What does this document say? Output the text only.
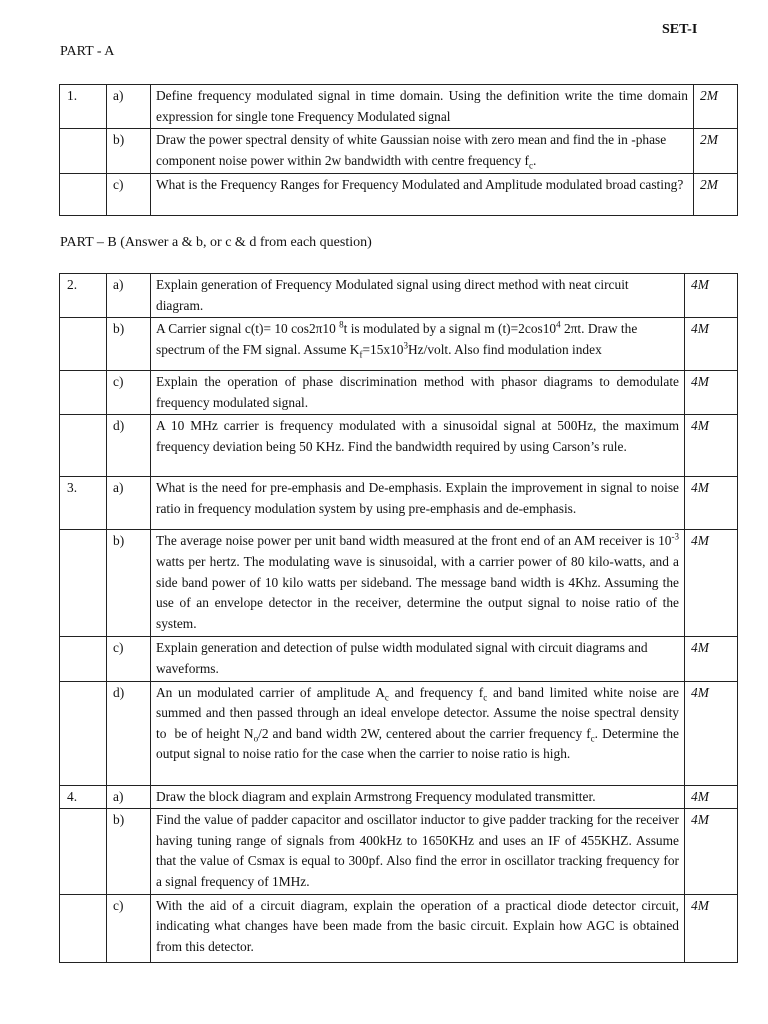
SET-I
PART - A
1.	a)	Define frequency modulated signal in time domain. Using the definition write the time domain expression for single tone Frequency Modulated signal	2M
	b)	Draw the power spectral density of white Gaussian noise with zero mean and find the in -phase component noise power within 2w bandwidth with centre frequency $f_c$.	2M
	c)	What is the Frequency Ranges for Frequency Modulated and Amplitude modulated broad casting?	2M
PART – B (Answer a & b, or c & d from each question)
2.	a)	Explain generation of Frequency Modulated signal using direct method with neat circuit diagram.	4M
	b)	A Carrier signal c(t)= 10 cos2π10 $^8$t is modulated by a signal m $(t)=2\cos 10^4$ 2πt. Draw the spectrum of the FM signal. Assume $K_f=15x10^3Hz$/volt. Also find modulation index	4M
	c)	Explain the operation of phase discrimination method with phasor diagrams to demodulate frequency modulated signal.	4M
	d)	A 10 MHz carrier is frequency modulated with a sinusoidal signal at 500Hz, the maximum frequency deviation being 50 KHz. Find the bandwidth required by using Carson’s rule.	4M
3.	a)	What is the need for pre-emphasis and De-emphasis. Explain the improvement in signal to noise ratio in frequency modulation system by using pre-emphasis and de-emphasis.	4M
	b)	The average noise power per unit band width measured at the front end of an AM receiver is $10^{-3}$ watts per hertz. The modulating wave is sinusoidal, with a carrier power of 80 kilo-watts, and a side band power of 10 kilo watts per sideband. The message band width is 4Khz. Assuming the use of an envelope detector in the receiver, determine the output signal to noise ratio of the system.	4M
	c)	Explain generation and detection of pulse width modulated signal with circuit diagrams and waveforms.	4M
	d)	An un modulated carrier of amplitude $A_c$ and frequency $f_c$ and band limited white noise are summed and then passed through an ideal envelope detector. Assume the noise spectral density to  be of height $N_o/2$ and band width 2W, centered about the carrier frequency $f_c$. Determine the output signal to noise ratio for the case when the carrier to noise ratio is high.	4M
4.	a)	Draw the block diagram and explain Armstrong Frequency modulated transmitter.	4M
	b)	Find the value of padder capacitor and oscillator inductor to give padder tracking for the receiver having tuning range of signals from 400kHz to 1650KHz and uses an IF of 455KHZ. Assume that the value of Csmax is equal to 300pf. Also find the error in oscillator tracking frequency for a signal frequency of 1MHz.	4M
	c)	With the aid of a circuit diagram, explain the operation of a practical diode detector circuit, indicating what changes have been made from the basic circuit. Explain how AGC is obtained from this detector.	4M
